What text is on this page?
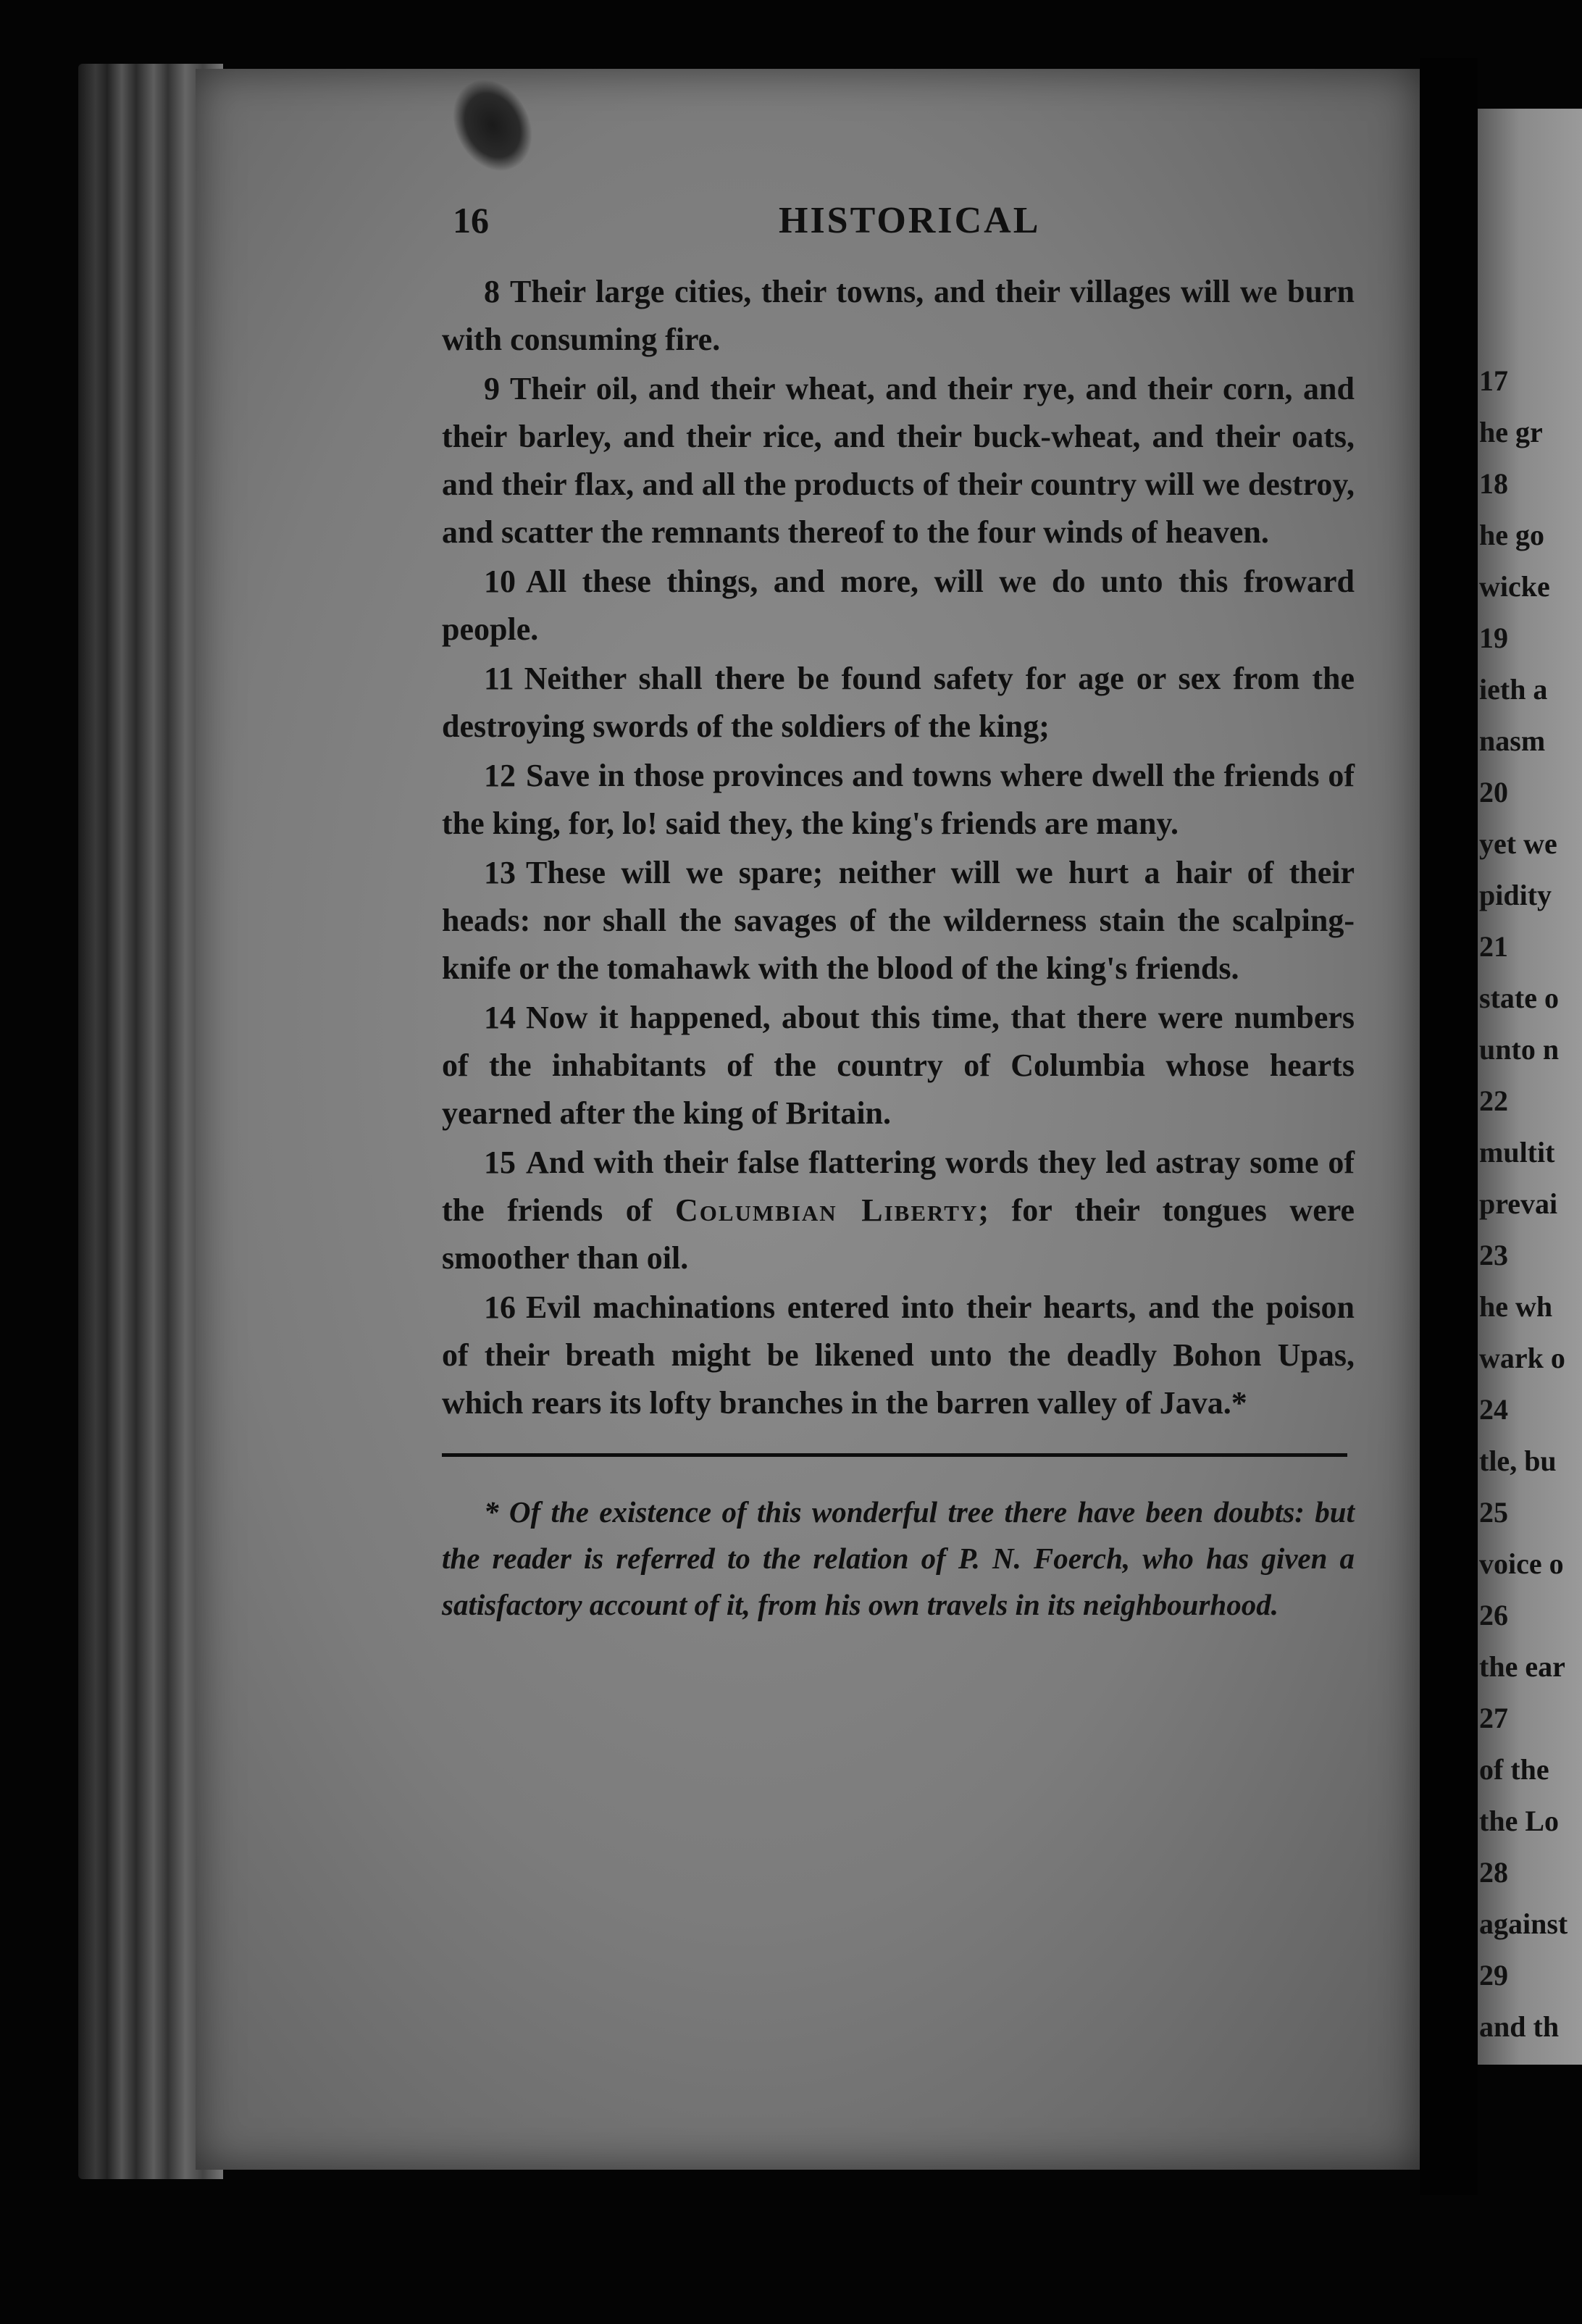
16	HISTORICAL

8 Their large cities, their towns, and their villages will we burn with consuming fire.

9 Their oil, and their wheat, and their rye, and their corn, and their barley, and their rice, and their buck-wheat, and their oats, and their flax, and all the products of their country will we destroy, and scatter the remnants thereof to the four winds of heaven.

10 All these things, and more, will we do unto this froward people.

11 Neither shall there be found safety for age or sex from the destroying swords of the soldiers of the king;

12 Save in those provinces and towns where dwell the friends of the king, for, lo! said they, the king's friends are many.

13 These will we spare; neither will we hurt a hair of their heads: nor shall the savages of the wilderness stain the scalping-knife or the tomahawk with the blood of the king's friends.

14 Now it happened, about this time, that there were numbers of the inhabitants of the country of Columbia whose hearts yearned after the king of Britain.

15 And with their false flattering words they led astray some of the friends of Columbian Liberty; for their tongues were smoother than oil.

16 Evil machinations entered into their hearts, and the poison of their breath might be likened unto the deadly Bohon Upas, which rears its lofty branches in the barren valley of Java.*

* Of the existence of this wonderful tree there have been doubts: but the reader is referred to the relation of P. N. Foerch, who has given a satisfactory account of it, from his own travels in its neighbourhood.

17
he gr
18
he go
wicke
19
ieth a
nasm
20
yet we
pidity
21
state o
unto n
22
multit
prevai
23
he wh
wark o
24
tle, bu
25
voice o
26
the ear
27
of the
the Lo
28
against
29
and th
